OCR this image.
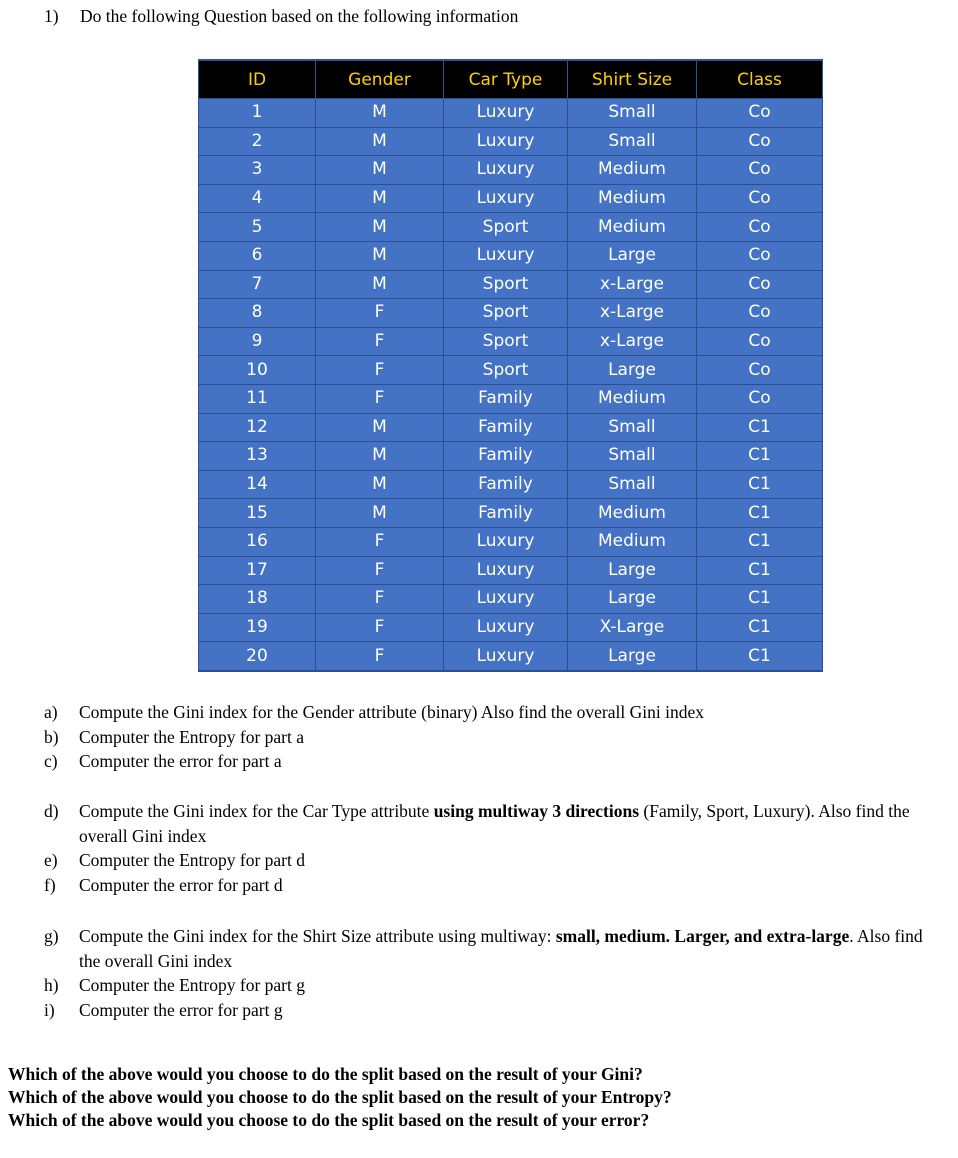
1) Do the following Question based on the following information
ID	Gender	Car Type	Shirt Size	Class
1	M	Luxury	Small	Co
2	M	Luxury	Small	Co
3	M	Luxury	Medium	Co
4	M	Luxury	Medium	Co
5	M	Sport	Medium	Co
6	M	Luxury	Large	Co
7	M	Sport	x-Large	Co
8	F	Sport	x-Large	Co
9	F	Sport	x-Large	Co
10	F	Sport	Large	Co
11	F	Family	Medium	Co
12	M	Family	Small	C1
13	M	Family	Small	C1
14	M	Family	Small	C1
15	M	Family	Medium	C1
16	F	Luxury	Medium	C1
17	F	Luxury	Large	C1
18	F	Luxury	Large	C1
19	F	Luxury	X-Large	C1
20	F	Luxury	Large	C1
a)	Compute the Gini index for the Gender attribute (binary) Also find the overall Gini index
b)	Computer the Entropy for part a
c)	Computer the error for part a
d)	Compute the Gini index for the Car Type attribute using multiway 3 directions (Family, Sport, Luxury). Also find the overall Gini index
e)	Computer the Entropy for part d
f)	Computer the error for part d
g)	Compute the Gini index for the Shirt Size attribute using multiway: small, medium. Larger, and extra-large. Also find the overall Gini index
h)	Computer the Entropy for part g
i)	Computer the error for part g
Which of the above would you choose to do the split based on the result of your Gini?
Which of the above would you choose to do the split based on the result of your Entropy?
Which of the above would you choose to do the split based on the result of your error?
